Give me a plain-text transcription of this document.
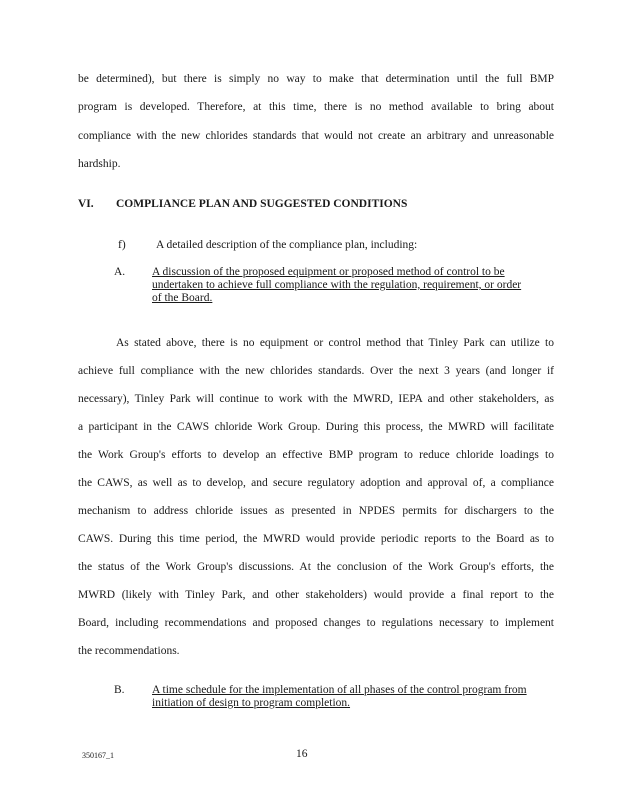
be determined), but there is simply no way to make that determination until the full BMP
program is developed. Therefore, at this time, there is no method available to bring about
compliance with the new chlorides standards that would not create an arbitrary and unreasonable
hardship.
VI. COMPLIANCE PLAN AND SUGGESTED CONDITIONS
f)	A detailed description of the compliance plan, including:
A. A discussion of the proposed equipment or proposed method of control to be undertaken to achieve full compliance with the regulation, requirement, or order of the Board.
As stated above, there is no equipment or control method that Tinley Park can utilize to
achieve full compliance with the new chlorides standards. Over the next 3 years (and longer if
necessary), Tinley Park will continue to work with the MWRD, IEPA and other stakeholders, as
a participant in the CAWS chloride Work Group. During this process, the MWRD will facilitate
the Work Group's efforts to develop an effective BMP program to reduce chloride loadings to
the CAWS, as well as to develop, and secure regulatory adoption and approval of, a compliance
mechanism to address chloride issues as presented in NPDES permits for dischargers to the
CAWS. During this time period, the MWRD would provide periodic reports to the Board as to
the status of the Work Group's discussions. At the conclusion of the Work Group's efforts, the
MWRD (likely with Tinley Park, and other stakeholders) would provide a final report to the
Board, including recommendations and proposed changes to regulations necessary to implement
the recommendations.
B. A time schedule for the implementation of all phases of the control program from initiation of design to program completion.
350167_1	16
